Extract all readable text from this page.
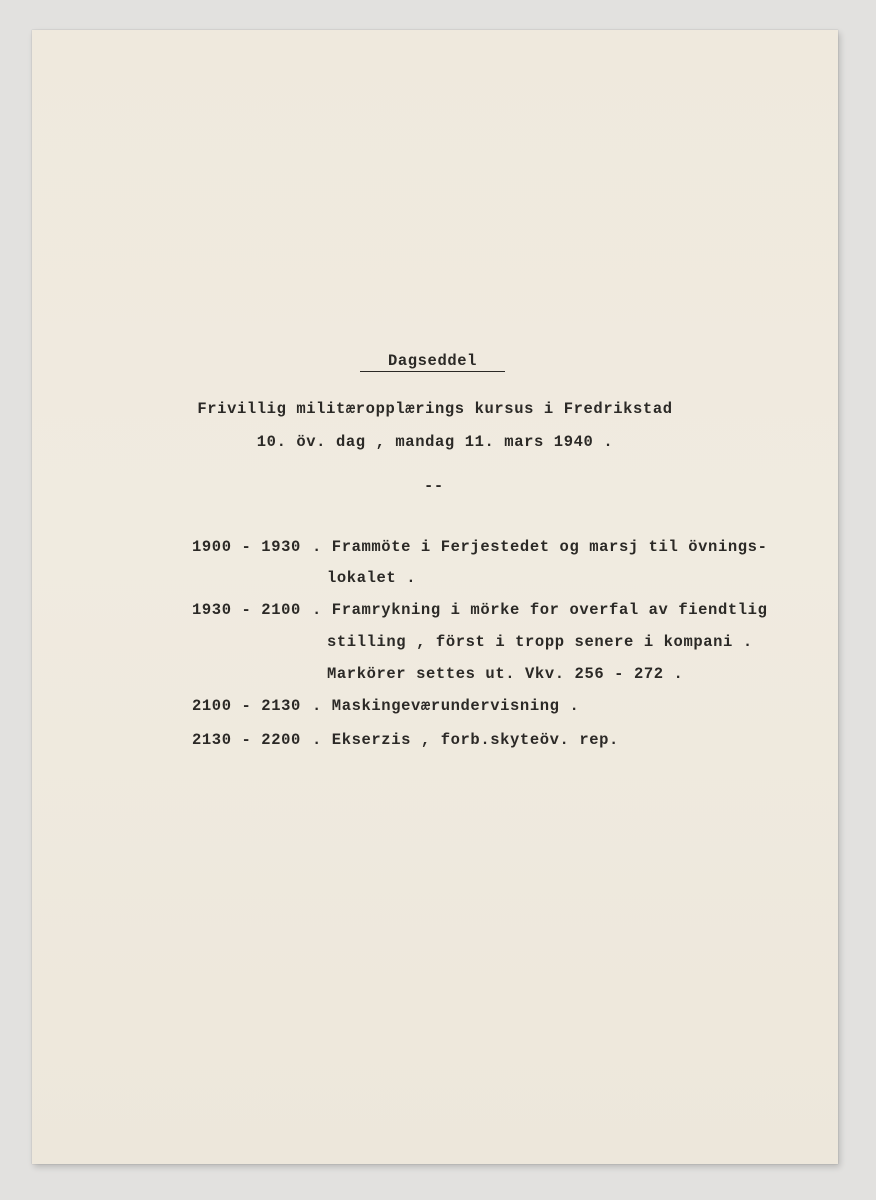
Dagseddel
Frivillig militæropplærings kursus i Fredrikstad
10. öv. dag , mandag 11. mars 1940 .
--
1900 - 1930 . Frammöte i Ferjestedet og marsj til övnings-
lokalet .
1930 - 2100 . Framrykning i mörke for overfal av fiendtlig
stilling , först i tropp senere i kompani .
Markörer settes ut. Vkv. 256 - 272 .
2100 - 2130 . Maskingeværundervisning .
2130 - 2200 . Ekserzis , forb.skyteöv. rep.
